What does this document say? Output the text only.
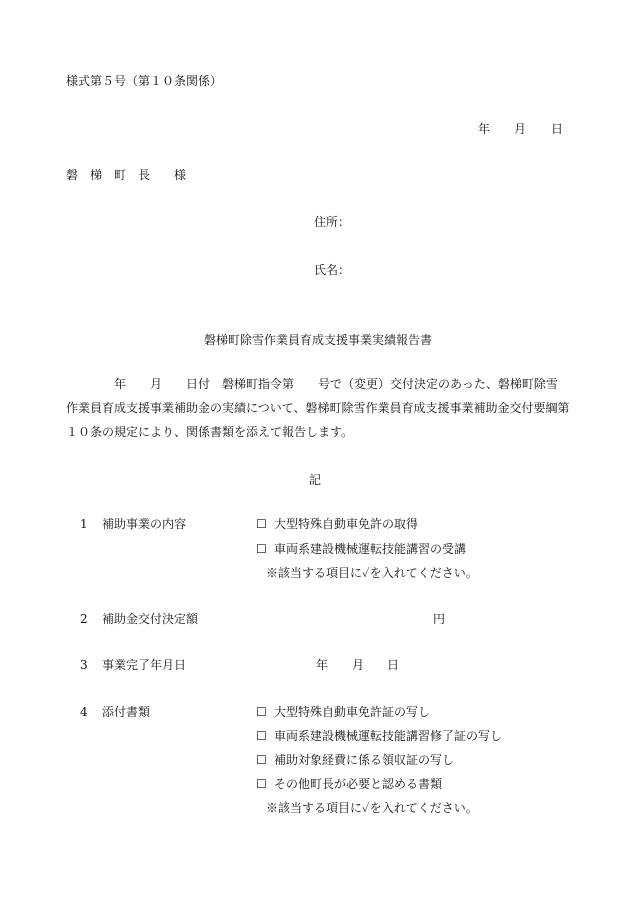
様式第５号（第１０条関係）
年 月 日
磐　梯　町　長　　様
住所：
氏名：
磐梯町除雪作業員育成支援事業実績報告書
　　　　年　　月　　日付　磐梯町指令第　　号で（変更）交付決定のあった、磐梯町除雪
作業員育成支援事業補助金の実績について、磐梯町除雪作業員育成支援事業補助金交付要綱第
１０条の規定により、関係書類を添えて報告します。
記
1 補助事業の内容	☐ 大型特殊自動車免許の取得
☐ 車両系建設機械運転技能講習の受講
※該当する項目に✓を入れてください。
2 補助金交付決定額	円
3 事業完了年月日	年 月 日
4 添付書類	☐ 大型特殊自動車免許証の写し
☐ 車両系建設機械運転技能講習修了証の写し
☐ 補助対象経費に係る領収証の写し
☐ その他町長が必要と認める書類
※該当する項目に✓を入れてください。
